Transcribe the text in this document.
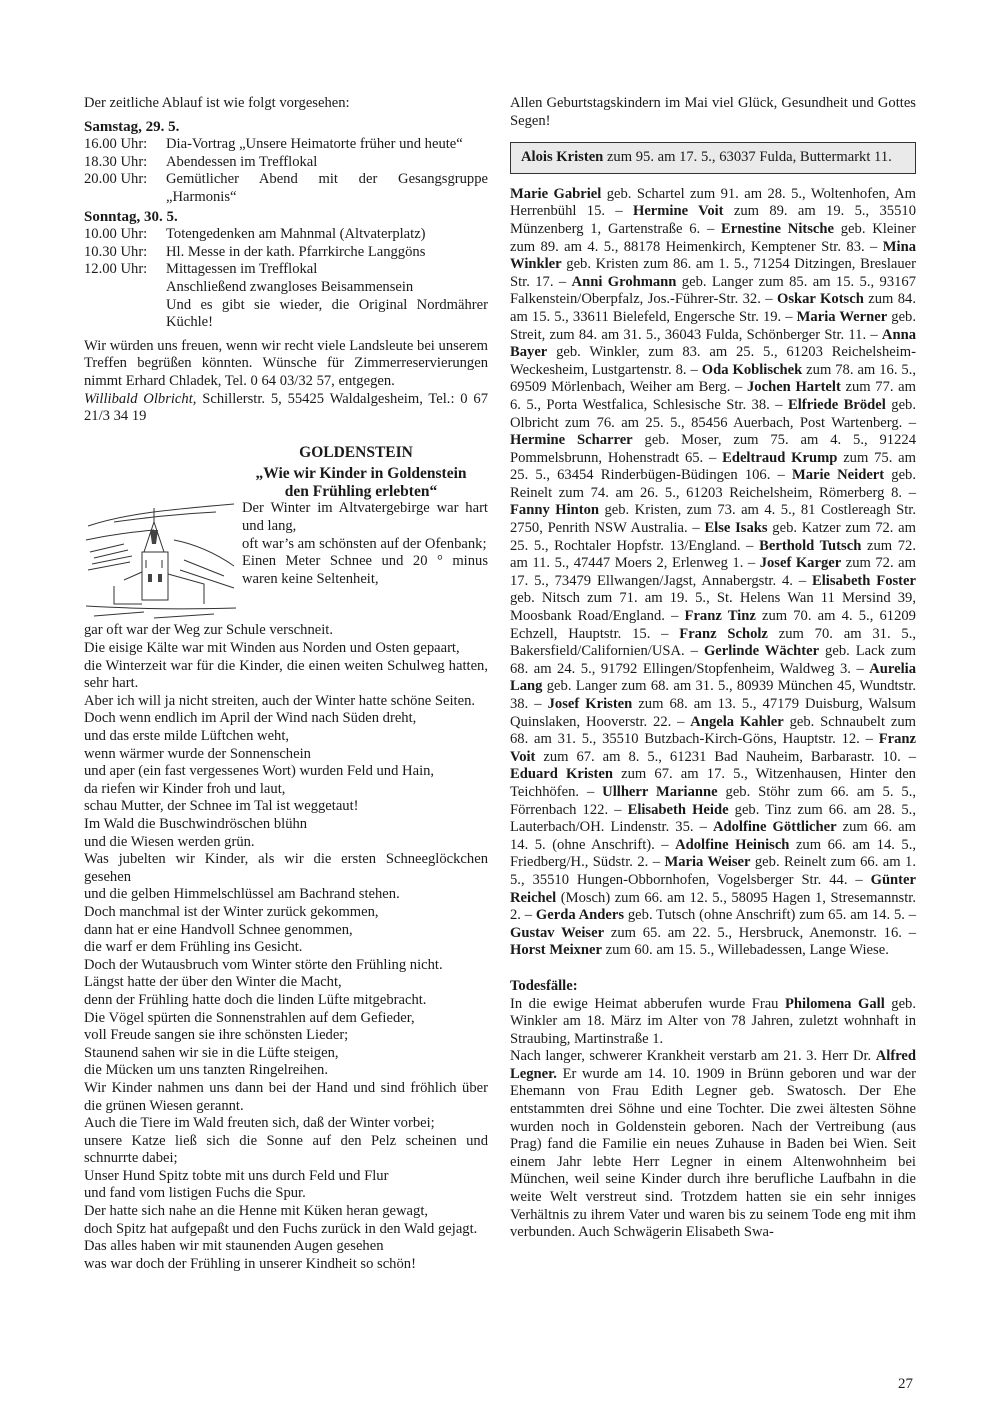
Der zeitliche Ablauf ist wie folgt vorgesehen:

Samstag, 29. 5.

16.00 Uhr:	Dia-Vortrag „Unsere Heimatorte früher und heute“
18.30 Uhr:	Abendessen im Trefflokal
20.00 Uhr:	Gemütlicher Abend mit der Gesangsgruppe „Harmonis“

Sonntag, 30. 5.

10.00 Uhr:	Totengedenken am Mahnmal (Altvaterplatz)
10.30 Uhr:	Hl. Messe in der kath. Pfarrkirche Langgöns
12.00 Uhr:	Mittagessen im Trefflokal

Anschließend zwangloses Beisammensein

Und es gibt sie wieder, die Original Nordmährer Küchle!

Wir würden uns freuen, wenn wir recht viele Landsleute bei unserem Treffen begrüßen könnten. Wünsche für Zimmerreservierungen nimmt Erhard Chladek, Tel. 0 64 03/32 57, entgegen.

Willibald Olbricht, Schillerstr. 5, 55425 Waldalgesheim, Tel.: 0 67 21/3 34 19

GOLDENSTEIN

„Wie wir Kinder in Goldenstein

den Frühling erlebten“

Der Winter im Altvatergebirge war hart und lang,

oft war’s am schönsten auf der Ofenbank;

Einen Meter Schnee und 20 ° minus waren keine Seltenheit,

gar oft war der Weg zur Schule verschneit.

Die eisige Kälte war mit Winden aus Norden und Osten gepaart,

die Winterzeit war für die Kinder, die einen weiten Schulweg hatten, sehr hart.

Aber ich will ja nicht streiten, auch der Winter hatte schöne Seiten.

Doch wenn endlich im April der Wind nach Süden dreht,

und das erste milde Lüftchen weht,

wenn wärmer wurde der Sonnenschein

und aper (ein fast vergessenes Wort) wurden Feld und Hain,

da riefen wir Kinder froh und laut,

schau Mutter, der Schnee im Tal ist weggetaut!

Im Wald die Buschwindröschen blühn

und die Wiesen werden grün.

Was jubelten wir Kinder, als wir die ersten Schneeglöckchen gesehen

und die gelben Himmelschlüssel am Bachrand stehen.

Doch manchmal ist der Winter zurück gekommen,

dann hat er eine Handvoll Schnee genommen,

die warf er dem Frühling ins Gesicht.

Doch der Wutausbruch vom Winter störte den Frühling nicht.

Längst hatte der über den Winter die Macht,

denn der Frühling hatte doch die linden Lüfte mitgebracht.

Die Vögel spürten die Sonnenstrahlen auf dem Gefieder,

voll Freude sangen sie ihre schönsten Lieder;

Staunend sahen wir sie in die Lüfte steigen,

die Mücken um uns tanzten Ringelreihen.

Wir Kinder nahmen uns dann bei der Hand und sind fröhlich über die grünen Wiesen gerannt.

Auch die Tiere im Wald freuten sich, daß der Winter vorbei;

unsere Katze ließ sich die Sonne auf den Pelz scheinen und schnurrte dabei;

Unser Hund Spitz tobte mit uns durch Feld und Flur

und fand vom listigen Fuchs die Spur.

Der hatte sich nahe an die Henne mit Küken heran gewagt,

doch Spitz hat aufgepaßt und den Fuchs zurück in den Wald gejagt.

Das alles haben wir mit staunenden Augen gesehen

was war doch der Frühling in unserer Kindheit so schön!

Allen Geburtstagskindern im Mai viel Glück, Gesundheit und Gottes Segen!

Alois Kristen zum 95. am 17. 5., 63037 Fulda, Buttermarkt 11.

Marie Gabriel geb. Schartel zum 91. am 28. 5., Woltenhofen, Am Herrenbühl 15. – Hermine Voit zum 89. am 19. 5., 35510 Münzenberg 1, Gartenstraße 6. – Ernestine Nitsche geb. Kleiner zum 89. am 4. 5., 88178 Heimenkirch, Kemptener Str. 83. – Mina Winkler geb. Kristen zum 86. am 1. 5., 71254 Ditzingen, Breslauer Str. 17. – Anni Grohmann geb. Langer zum 85. am 15. 5., 93167 Falkenstein/Oberpfalz, Jos.-Führer-Str. 32. – Oskar Kotsch zum 84. am 15. 5., 33611 Bielefeld, Engersche Str. 19. – Maria Werner geb. Streit, zum 84. am 31. 5., 36043 Fulda, Schönberger Str. 11. – Anna Bayer geb. Winkler, zum 83. am 25. 5., 61203 Reichelsheim-Weckesheim, Lustgartenstr. 8. – Oda Koblischek zum 78. am 16. 5., 69509 Mörlenbach, Weiher am Berg. – Jochen Hartelt zum 77. am 6. 5., Porta Westfalica, Schlesische Str. 38. – Elfriede Brödel geb. Olbricht zum 76. am 25. 5., 85456 Auerbach, Post Wartenberg. – Hermine Scharrer geb. Moser, zum 75. am 4. 5., 91224 Pommelsbrunn, Hohenstradt 65. – Edeltraud Krump zum 75. am 25. 5., 63454 Rinderbügen-Büdingen 106. – Marie Neidert geb. Reinelt zum 74. am 26. 5., 61203 Reichelsheim, Römerberg 8. – Fanny Hinton geb. Kristen, zum 73. am 4. 5., 81 Costlereagh Str. 2750, Penrith NSW Australia. – Else Isaks geb. Katzer zum 72. am 25. 5., Rochtaler Hopfstr. 13/England. – Berthold Tutsch zum 72. am 11. 5., 47447 Moers 2, Erlenweg 1. – Josef Karger zum 72. am 17. 5., 73479 Ellwangen/Jagst, Annabergstr. 4. – Elisabeth Foster geb. Nitsch zum 71. am 19. 5., St. Helens Wan 11 Mersind 39, Moosbank Road/England. – Franz Tinz zum 70. am 4. 5., 61209 Echzell, Hauptstr. 15. – Franz Scholz zum 70. am 31. 5., Bakersfield/Californien/USA. – Gerlinde Wächter geb. Lack zum 68. am 24. 5., 91792 Ellingen/Stopfenheim, Waldweg 3. – Aurelia Lang geb. Langer zum 68. am 31. 5., 80939 München 45, Wundtstr. 38. – Josef Kristen zum 68. am 13. 5., 47179 Duisburg, Walsum Quinslaken, Hooverstr. 22. – Angela Kahler geb. Schnaubelt zum 68. am 31. 5., 35510 Butzbach-Kirch-Göns, Hauptstr. 12. – Franz Voit zum 67. am 8. 5., 61231 Bad Nauheim, Barbarastr. 10. – Eduard Kristen zum 67. am 17. 5., Witzenhausen, Hinter den Teichhöfen. – Ullherr Marianne geb. Stöhr zum 66. am 5. 5., Förrenbach 122. – Elisabeth Heide geb. Tinz zum 66. am 28. 5., Lauterbach/OH. Lindenstr. 35. – Adolfine Göttlicher zum 66. am 14. 5. (ohne Anschrift). – Adolfine Heinisch zum 66. am 14. 5., Friedberg/H., Südstr. 2. – Maria Weiser geb. Reinelt zum 66. am 1. 5., 35510 Hungen-Obbornhofen, Vogelsberger Str. 44. – Günter Reichel (Mosch) zum 66. am 12. 5., 58095 Hagen 1, Stresemannstr. 2. – Gerda Anders geb. Tutsch (ohne Anschrift) zum 65. am 14. 5. – Gustav Weiser zum 65. am 22. 5., Hersbruck, Anemonstr. 16. – Horst Meixner zum 60. am 15. 5., Willebadessen, Lange Wiese.

Todesfälle:

In die ewige Heimat abberufen wurde Frau Philomena Gall geb. Winkler am 18. März im Alter von 78 Jahren, zuletzt wohnhaft in Straubing, Martinstraße 1.

Nach langer, schwerer Krankheit verstarb am 21. 3. Herr Dr. Alfred Legner. Er wurde am 14. 10. 1909 in Brünn geboren und war der Ehemann von Frau Edith Legner geb. Swatosch. Der Ehe entstammten drei Söhne und eine Tochter. Die zwei ältesten Söhne wurden noch in Goldenstein geboren. Nach der Vertreibung (aus Prag) fand die Familie ein neues Zuhause in Baden bei Wien. Seit einem Jahr lebte Herr Legner in einem Altenwohnheim bei München, weil seine Kinder durch ihre berufliche Laufbahn in die weite Welt verstreut sind. Trotzdem hatten sie ein sehr inniges Verhältnis zu ihrem Vater und waren bis zu seinem Tode eng mit ihm verbunden. Auch Schwägerin Elisabeth Swa-

27
